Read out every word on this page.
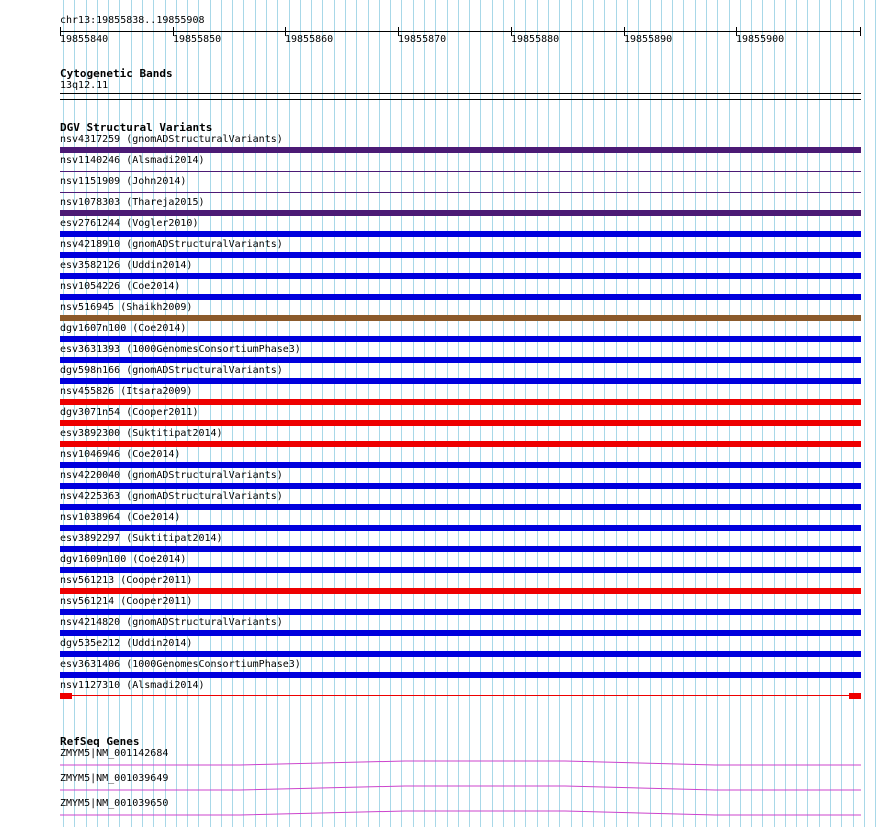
chr13:19855838..19855908
19855840	19855850	19855860	19855870	19855880	19855890	19855900
Cytogenetic Bands
13q12.11
DGV Structural Variants
nsv4317259 (gnomADStructuralVariants)
nsv1140246 (Alsmadi2014)
nsv1151909 (John2014)
nsv1078303 (Thareja2015)
esv2761244 (Vogler2010)
nsv4218910 (gnomADStructuralVariants)
esv3582126 (Uddin2014)
nsv1054226 (Coe2014)
nsv516945 (Shaikh2009)
dgv1607n100 (Coe2014)
esv3631393 (1000GenomesConsortiumPhase3)
dgv598n166 (gnomADStructuralVariants)
nsv455826 (Itsara2009)
dgv3071n54 (Cooper2011)
esv3892300 (Suktitipat2014)
nsv1046946 (Coe2014)
nsv4220040 (gnomADStructuralVariants)
nsv4225363 (gnomADStructuralVariants)
nsv1038964 (Coe2014)
esv3892297 (Suktitipat2014)
dgv1609n100 (Coe2014)
nsv561213 (Cooper2011)
nsv561214 (Cooper2011)
nsv4214820 (gnomADStructuralVariants)
dgv535e212 (Uddin2014)
esv3631406 (1000GenomesConsortiumPhase3)
nsv1127310 (Alsmadi2014)
RefSeq Genes
ZMYM5|NM_001142684
ZMYM5|NM_001039649
ZMYM5|NM_001039650
